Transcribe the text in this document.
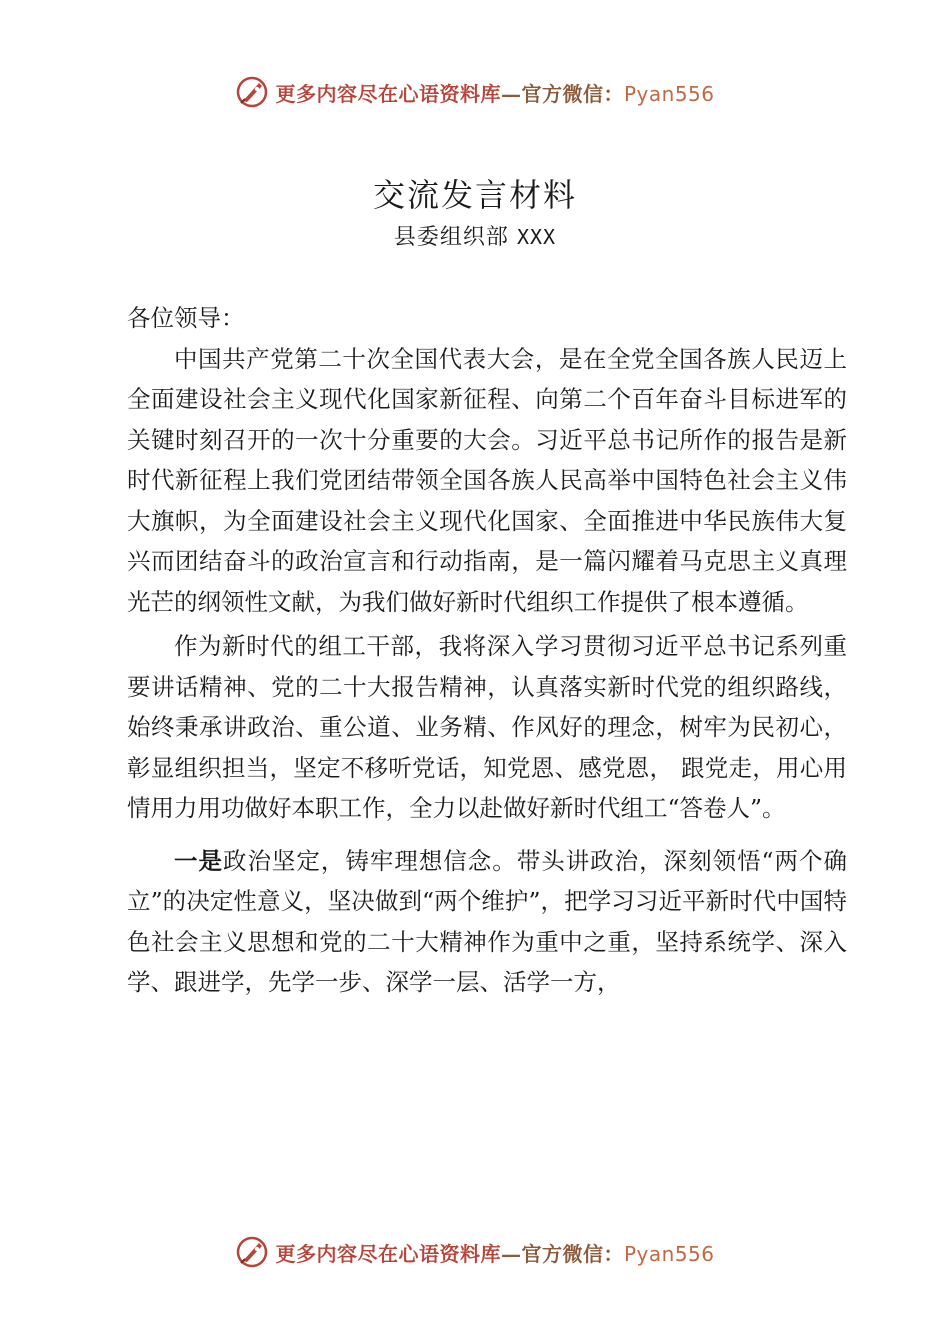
更多内容尽在心语资料库—官方微信：Pyan556
交流发言材料
县委组织部 XXX

各位领导：

中国共产党第二十次全国代表大会，是在全党全国各族人民迈上全面建设社会主义现代化国家新征程、向第二个百年奋斗目标进军的关键时刻召开的一次十分重要的大会。习近平总书记所作的报告是新时代新征程上我们党团结带领全国各族人民高举中国特色社会主义伟大旗帜，为全面建设社会主义现代化国家、全面推进中华民族伟大复兴而团结奋斗的政治宣言和行动指南，是一篇闪耀着马克思主义真理光芒的纲领性文献，为我们做好新时代组织工作提供了根本遵循。

作为新时代的组工干部，我将深入学习贯彻习近平总书记系列重要讲话精神、党的二十大报告精神，认真落实新时代党的组织路线，始终秉承讲政治、重公道、业务精、作风好的理念，树牢为民初心，彰显组织担当，坚定不移听党话，知党恩、感党恩， 跟党走，用心用情用力用功做好本职工作，全力以赴做好新时代组工“答卷人”。

一是政治坚定，铸牢理想信念。带头讲政治，深刻领悟“两个确立”的决定性意义，坚决做到“两个维护”，把学习习近平新时代中国特色社会主义思想和党的二十大精神作为重中之重，坚持系统学、深入学、跟进学，先学一步、深学一层、活学一方，

更多内容尽在心语资料库—官方微信：Pyan556
